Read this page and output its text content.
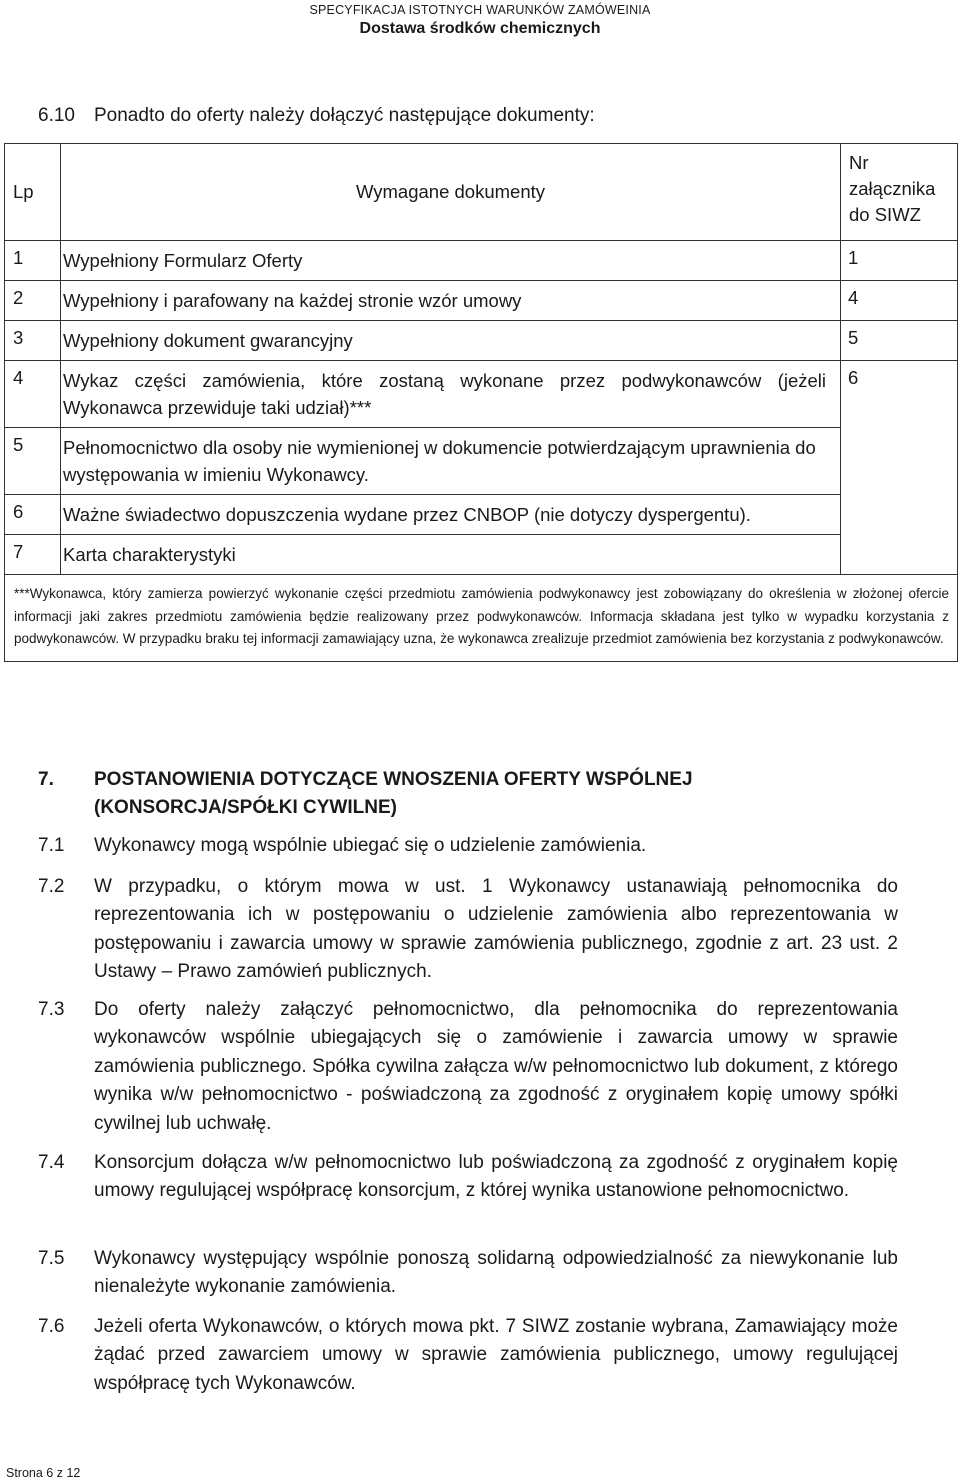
SPECYFIKACJA ISTOTNYCH WARUNKÓW ZAMÓWEINIA
Dostawa środków chemicznych
6.10 Ponadto do oferty należy dołączyć następujące dokumenty:
Lp	Wymagane dokumenty	Nr załącznika do SIWZ
1	Wypełniony Formularz Oferty	1
2	Wypełniony i parafowany na każdej stronie wzór umowy	4
3	Wypełniony dokument gwarancyjny	5
4	Wykaz części zamówienia, które zostaną wykonane przez podwykonawców (jeżeli Wykonawca przewiduje taki udział)***	6
5	Pełnomocnictwo dla osoby nie wymienionej w dokumencie potwierdzającym uprawnienia do występowania w imieniu Wykonawcy.	
6	Ważne świadectwo dopuszczenia wydane przez CNBOP (nie dotyczy dyspergentu).	
7	Karta charakterystyki	
***Wykonawca, który zamierza powierzyć wykonanie części przedmiotu zamówienia podwykonawcy jest zobowiązany do określenia w złożonej ofercie informacji jaki zakres przedmiotu zamówienia będzie realizowany przez podwykonawców. Informacja składana jest tylko w wypadku korzystania z podwykonawców. W przypadku braku tej informacji zamawiający uzna, że wykonawca zrealizuje przedmiot zamówienia bez korzystania z podwykonawców.		
7.	POSTANOWIENIA DOTYCZĄCE WNOSZENIA OFERTY WSPÓLNEJ (KONSORCJA/SPÓŁKI CYWILNE)
7.1	Wykonawcy mogą wspólnie ubiegać się o udzielenie zamówienia.
7.2	W przypadku, o którym mowa w ust. 1 Wykonawcy ustanawiają pełnomocnika do reprezentowania ich w postępowaniu o udzielenie zamówienia albo reprezentowania w postępowaniu i zawarcia umowy w sprawie zamówienia publicznego, zgodnie z art. 23 ust. 2 Ustawy – Prawo zamówień publicznych.
7.3	Do oferty należy załączyć pełnomocnictwo, dla pełnomocnika do reprezentowania wykonawców wspólnie ubiegających się o zamówienie i zawarcia umowy w sprawie zamówienia publicznego. Spółka cywilna załącza w/w pełnomocnictwo lub dokument, z którego wynika w/w pełnomocnictwo - poświadczoną za zgodność z oryginałem kopię umowy spółki cywilnej lub uchwałę.
7.4	Konsorcjum dołącza w/w pełnomocnictwo lub poświadczoną za zgodność z oryginałem kopię umowy regulującej współpracę konsorcjum, z której wynika ustanowione pełnomocnictwo.
7.5	Wykonawcy występujący wspólnie ponoszą solidarną odpowiedzialność za niewykonanie lub nienależyte wykonanie zamówienia.
7.6	Jeżeli oferta Wykonawców, o których mowa pkt. 7 SIWZ zostanie wybrana, Zamawiający może żądać przed zawarciem umowy w sprawie zamówienia publicznego, umowy regulującej współpracę tych Wykonawców.
Strona 6 z 12
